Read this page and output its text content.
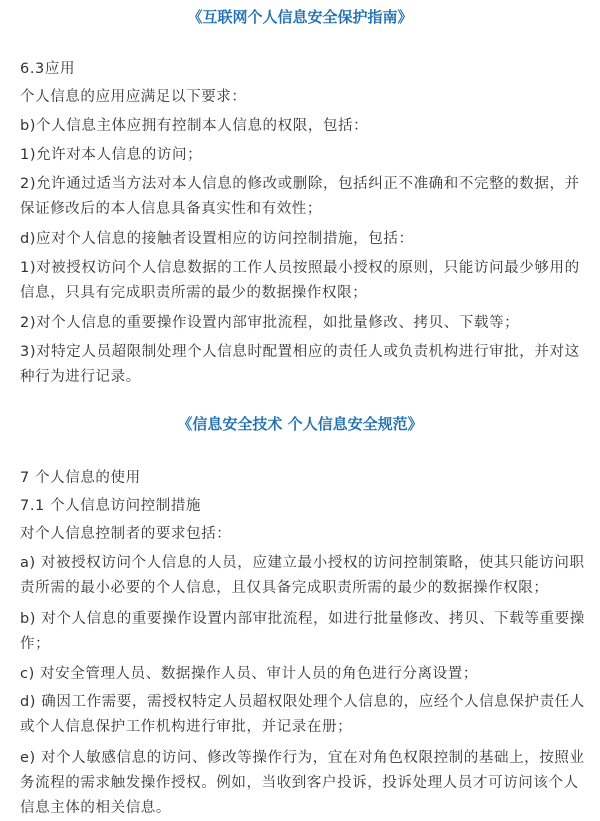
《互联网个人信息安全保护指南》

6.3应用

个人信息的应用应满足以下要求：

b)个人信息主体应拥有控制本人信息的权限，包括：

1)允许对本人信息的访问；

2)允许通过适当方法对本人信息的修改或删除，包括纠正不准确和不完整的数据，并保证修改后的本人信息具备真实性和有效性；

d)应对个人信息的接触者设置相应的访问控制措施，包括：

1)对被授权访问个人信息数据的工作人员按照最小授权的原则，只能访问最少够用的信息，只具有完成职责所需的最少的数据操作权限；

2)对个人信息的重要操作设置内部审批流程，如批量修改、拷贝、下载等；

3)对特定人员超限制处理个人信息时配置相应的责任人或负责机构进行审批，并对这种行为进行记录。

《信息安全技术 个人信息安全规范》

7 个人信息的使用

7.1 个人信息访问控制措施

对个人信息控制者的要求包括：

a) 对被授权访问个人信息的人员，应建立最小授权的访问控制策略，使其只能访问职责所需的最小必要的个人信息，且仅具备完成职责所需的最少的数据操作权限；

b) 对个人信息的重要操作设置内部审批流程，如进行批量修改、拷贝、下载等重要操作；

c) 对安全管理人员、数据操作人员、审计人员的角色进行分离设置；

d) 确因工作需要，需授权特定人员超权限处理个人信息的，应经个人信息保护责任人或个人信息保护工作机构进行审批，并记录在册；

e) 对个人敏感信息的访问、修改等操作行为，宜在对角色权限控制的基础上，按照业务流程的需求触发操作授权。例如，当收到客户投诉，投诉处理人员才可访问该个人信息主体的相关信息。
